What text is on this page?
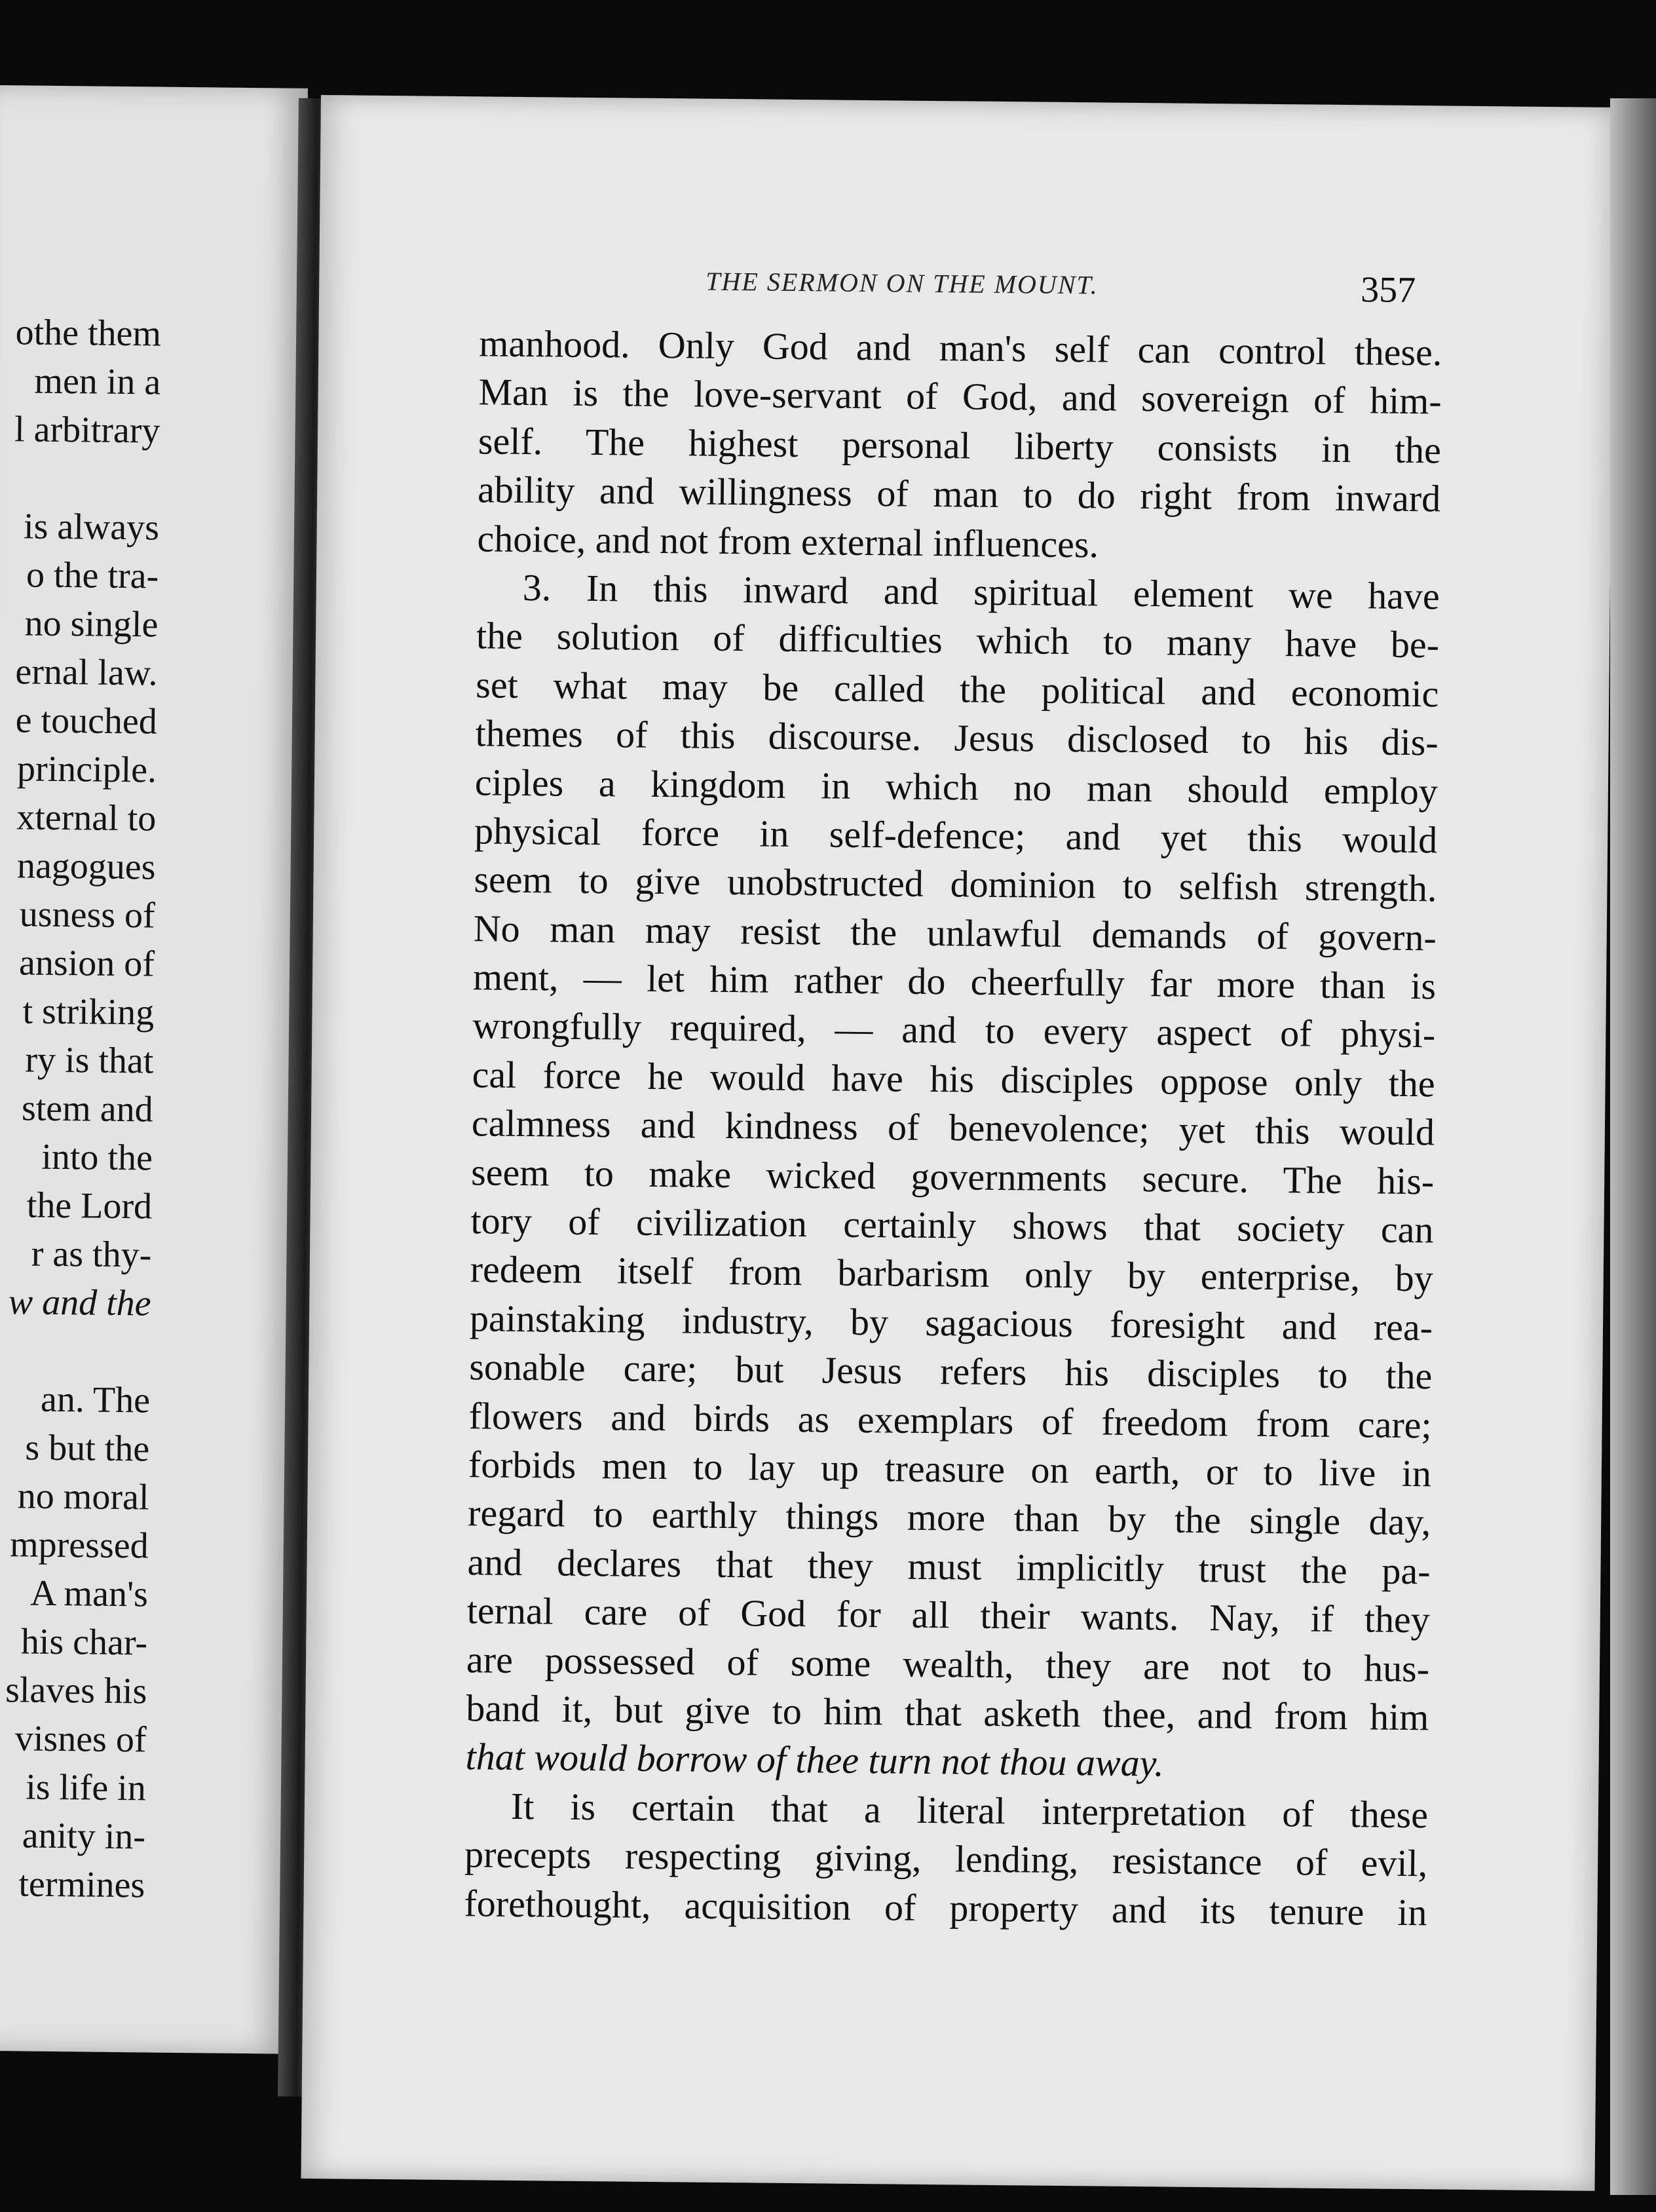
othe them
men in a
l arbitrary
is always
o the tra-
no single
ernal law.
e touched
principle.
xternal to
nagogues
usness of
ansion of
t striking
ry is that
stem and
into the
the Lord
r as thy-
w and the
an. The
s but the
no moral
mpressed
A man's
his char-
slaves his
visnes of
is life in
anity in-
termines
THE SERMON ON THE MOUNT.	357
manhood. Only God and man's self can control these.
Man is the love-servant of God, and sovereign of him-
self. The highest personal liberty consists in the
ability and willingness of man to do right from inward
choice, and not from external influences.
3. In this inward and spiritual element we have
the solution of difficulties which to many have be-
set what may be called the political and economic
themes of this discourse. Jesus disclosed to his dis-
ciples a kingdom in which no man should employ
physical force in self-defence; and yet this would
seem to give unobstructed dominion to selfish strength.
No man may resist the unlawful demands of govern-
ment, — let him rather do cheerfully far more than is
wrongfully required, — and to every aspect of physi-
cal force he would have his disciples oppose only the
calmness and kindness of benevolence; yet this would
seem to make wicked governments secure. The his-
tory of civilization certainly shows that society can
redeem itself from barbarism only by enterprise, by
painstaking industry, by sagacious foresight and rea-
sonable care; but Jesus refers his disciples to the
flowers and birds as exemplars of freedom from care;
forbids men to lay up treasure on earth, or to live in
regard to earthly things more than by the single day,
and declares that they must implicitly trust the pa-
ternal care of God for all their wants. Nay, if they
are possessed of some wealth, they are not to hus-
band it, but give to him that asketh thee, and from him
that would borrow of thee turn not thou away.
It is certain that a literal interpretation of these
precepts respecting giving, lending, resistance of evil,
forethought, acquisition of property and its tenure in
